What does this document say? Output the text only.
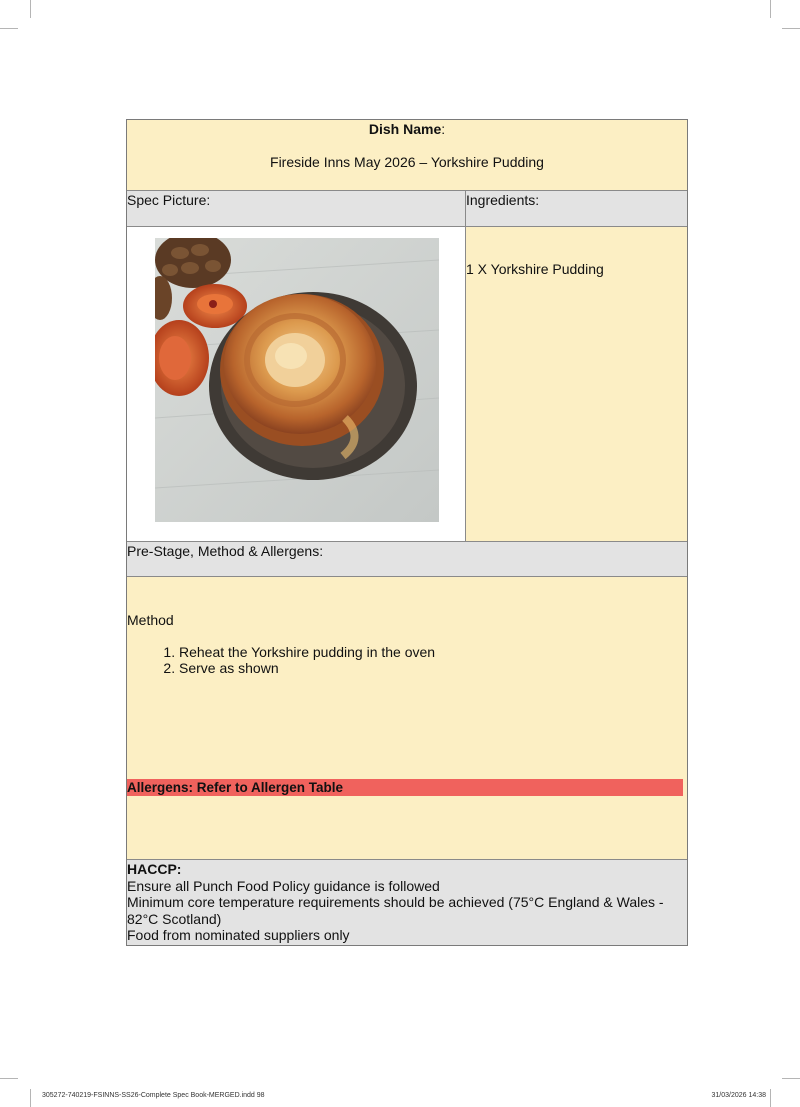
Dish Name:
Fireside Inns May 2026 – Yorkshire Pudding
Spec Picture:	Ingredients:
1 X Yorkshire Pudding
Pre-Stage, Method & Allergens:
Method
1. Reheat the Yorkshire pudding in the oven
2. Serve as shown
Allergens: Refer to Allergen Table
HACCP:
Ensure all Punch Food Policy guidance is followed
Minimum core temperature requirements should be achieved (75°C England & Wales - 82°C Scotland)
Food from nominated suppliers only
305272-740219-FSINNS-SS26-Complete Spec Book-MERGED.indd 98	31/03/2026 14:38
